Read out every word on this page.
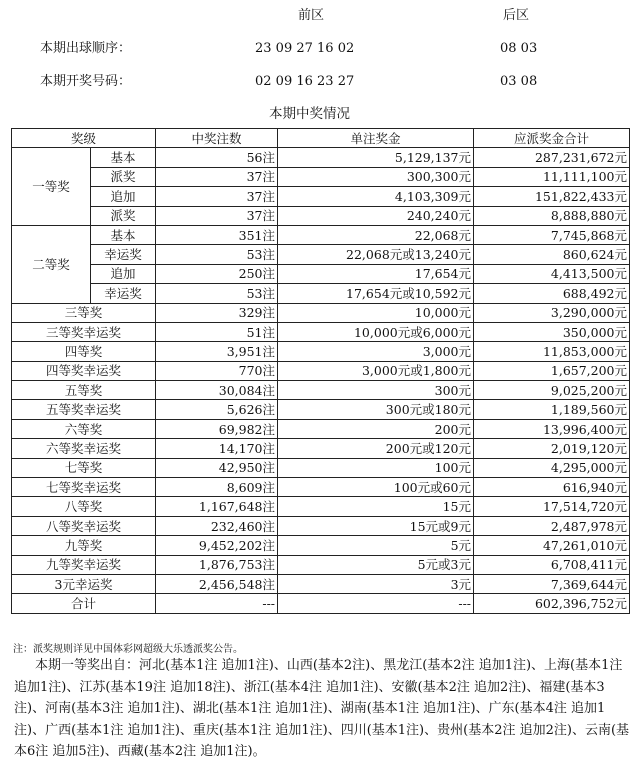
前区	后区
本期出球顺序：	23 09 27 16 02	08 03
本期开奖号码：	02 09 16 23 27	03 08
本期中奖情况
奖级		中奖注数	单注奖金	应派奖金合计
一等奖	基本	56注	5,129,137元	287,231,672元
	派奖	37注	300,300元	11,111,100元
	追加	37注	4,103,309元	151,822,433元
	派奖	37注	240,240元	8,888,880元
二等奖	基本	351注	22,068元	7,745,868元
	幸运奖	53注	22,068元或13,240元	860,624元
	追加	250注	17,654元	4,413,500元
	幸运奖	53注	17,654元或10,592元	688,492元
三等奖		329注	10,000元	3,290,000元
三等奖幸运奖		51注	10,000元或6,000元	350,000元
四等奖		3,951注	3,000元	11,853,000元
四等奖幸运奖		770注	3,000元或1,800元	1,657,200元
五等奖		30,084注	300元	9,025,200元
五等奖幸运奖		5,626注	300元或180元	1,189,560元
六等奖		69,982注	200元	13,996,400元
六等奖幸运奖		14,170注	200元或120元	2,019,120元
七等奖		42,950注	100元	4,295,000元
七等奖幸运奖		8,609注	100元或60元	616,940元
八等奖		1,167,648注	15元	17,514,720元
八等奖幸运奖		232,460注	15元或9元	2,487,978元
九等奖		9,452,202注	5元	47,261,010元
九等奖幸运奖		1,876,753注	5元或3元	6,708,411元
3元幸运奖		2,456,548注	3元	7,369,644元
合计		---	---	602,396,752元
注：派奖规则详见中国体彩网超级大乐透派奖公告。

本期一等奖出自：河北(基本1注 追加1注)、山西(基本2注)、黑龙江(基本2注 追加1注)、上海(基本1注 追加1注)、江苏(基本19注 追加18注)、浙江(基本4注 追加1注)、安徽(基本2注 追加2注)、福建(基本3注)、河南(基本3注 追加1注)、湖北(基本1注 追加1注)、湖南(基本1注 追加1注)、广东(基本4注 追加1注)、广西(基本1注 追加1注)、重庆(基本1注 追加1注)、四川(基本1注)、贵州(基本2注 追加2注)、云南(基本6注 追加5注)、西藏(基本2注 追加1注)。
